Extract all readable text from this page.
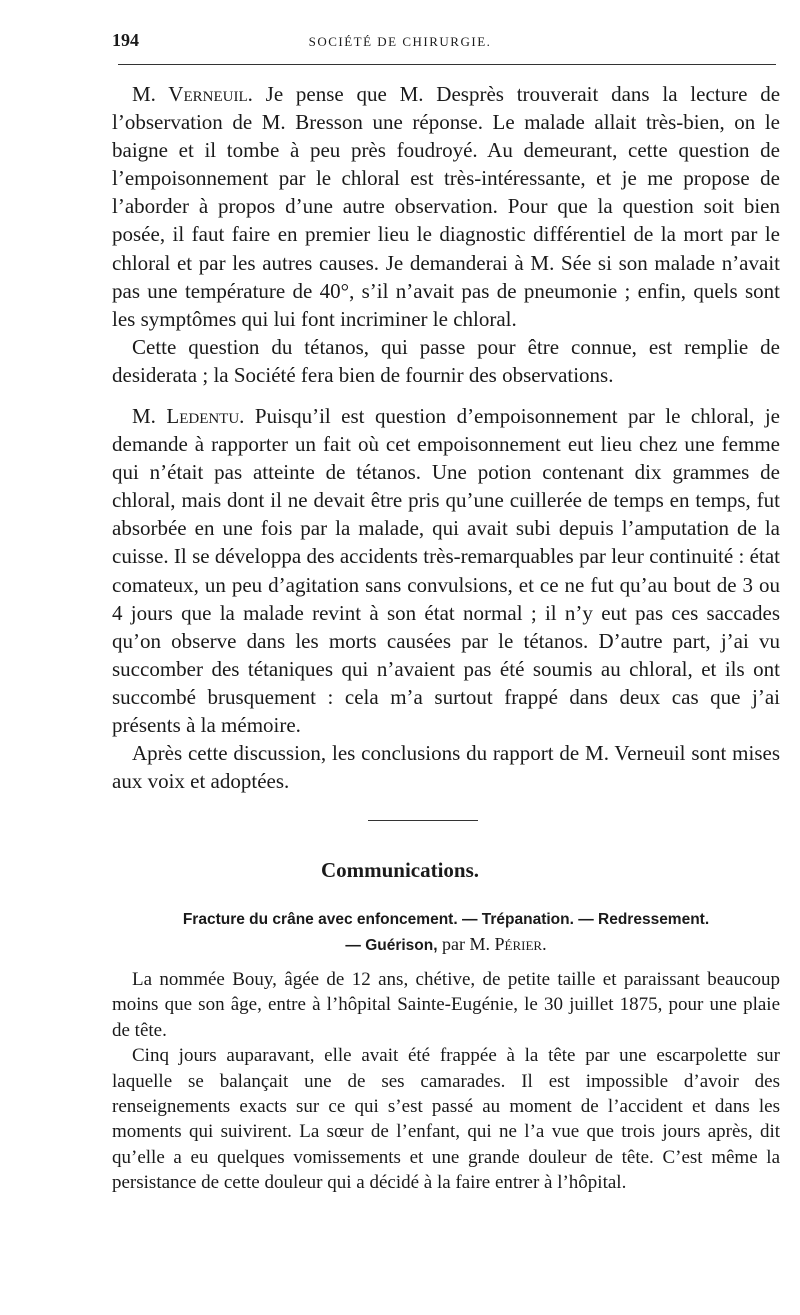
194	SOCIÉTÉ DE CHIRURGIE.

M. Verneuil. Je pense que M. Desprès trouverait dans la lecture de l’observation de M. Bresson une réponse. Le malade allait très-bien, on le baigne et il tombe à peu près foudroyé. Au demeurant, cette question de l’empoisonnement par le chloral est très-intéressante, et je me propose de l’aborder à propos d’une autre observation. Pour que la question soit bien posée, il faut faire en premier lieu le diagnostic différentiel de la mort par le chloral et par les autres causes. Je demanderai à M. Sée si son malade n’avait pas une température de 40°, s’il n’avait pas de pneumonie ; enfin, quels sont les symptômes qui lui font incriminer le chloral.

Cette question du tétanos, qui passe pour être connue, est remplie de desiderata ; la Société fera bien de fournir des observations.

M. Ledentu. Puisqu’il est question d’empoisonnement par le chloral, je demande à rapporter un fait où cet empoisonnement eut lieu chez une femme qui n’était pas atteinte de tétanos. Une potion contenant dix grammes de chloral, mais dont il ne devait être pris qu’une cuillerée de temps en temps, fut absorbée en une fois par la malade, qui avait subi depuis l’amputation de la cuisse. Il se développa des accidents très-remarquables par leur continuité : état comateux, un peu d’agitation sans convulsions, et ce ne fut qu’au bout de 3 ou 4 jours que la malade revint à son état normal ; il n’y eut pas ces saccades qu’on observe dans les morts causées par le tétanos. D’autre part, j’ai vu succomber des tétaniques qui n’avaient pas été soumis au chloral, et ils ont succombé brusquement : cela m’a surtout frappé dans deux cas que j’ai présents à la mémoire.

Après cette discussion, les conclusions du rapport de M. Verneuil sont mises aux voix et adoptées.

Communications.
Fracture du crâne avec enfoncement. — Trépanation. — Redressement.
— Guérison, par M. Périer.

La nommée Bouy, âgée de 12 ans, chétive, de petite taille et paraissant beaucoup moins que son âge, entre à l’hôpital Sainte-Eugénie, le 30 juillet 1875, pour une plaie de tête.

Cinq jours auparavant, elle avait été frappée à la tête par une escarpolette sur laquelle se balançait une de ses camarades. Il est impossible d’avoir des renseignements exacts sur ce qui s’est passé au moment de l’accident et dans les moments qui suivirent. La sœur de l’enfant, qui ne l’a vue que trois jours après, dit qu’elle a eu quelques vomissements et une grande douleur de tête. C’est même la persistance de cette douleur qui a décidé à la faire entrer à l’hôpital.
